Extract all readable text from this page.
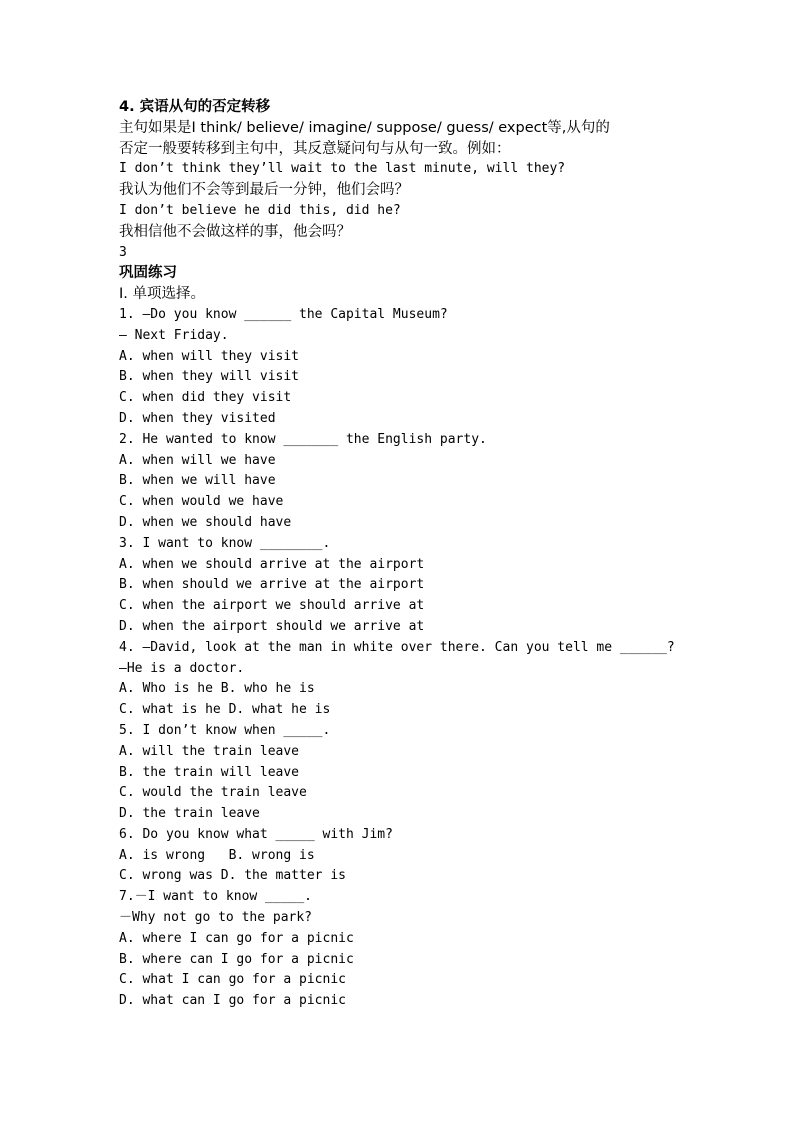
4. 宾语从句的否定转移
主句如果是I think/ believe/ imagine/ suppose/ guess/ expect等,从句的
否定一般要转移到主句中，其反意疑问句与从句一致。例如：
I don’t think they’ll wait to the last minute, will they?
我认为他们不会等到最后一分钟，他们会吗？
I don’t believe he did this, did he?
我相信他不会做这样的事，他会吗？
3
巩固练习
I. 单项选择。
1. —Do you know ______ the Capital Museum?
— Next Friday.
A. when will they visit
B. when they will visit
C. when did they visit
D. when they visited
2. He wanted to know _______ the English party.
A. when will we have
B. when we will have
C. when would we have
D. when we should have
3. I want to know ________.
A. when we should arrive at the airport
B. when should we arrive at the airport
C. when the airport we should arrive at
D. when the airport should we arrive at
4. —David, look at the man in white over there. Can you tell me ______?
—He is a doctor.
A. Who is he B. who he is
C. what is he D. what he is
5. I don’t know when _____.
A. will the train leave
B. the train will leave
C. would the train leave
D. the train leave
6. Do you know what _____ with Jim?
A. is wrong   B. wrong is
C. wrong was D. the matter is
7.－I want to know _____.
－Why not go to the park?
A. where I can go for a picnic
B. where can I go for a picnic
C. what I can go for a picnic
D. what can I go for a picnic
